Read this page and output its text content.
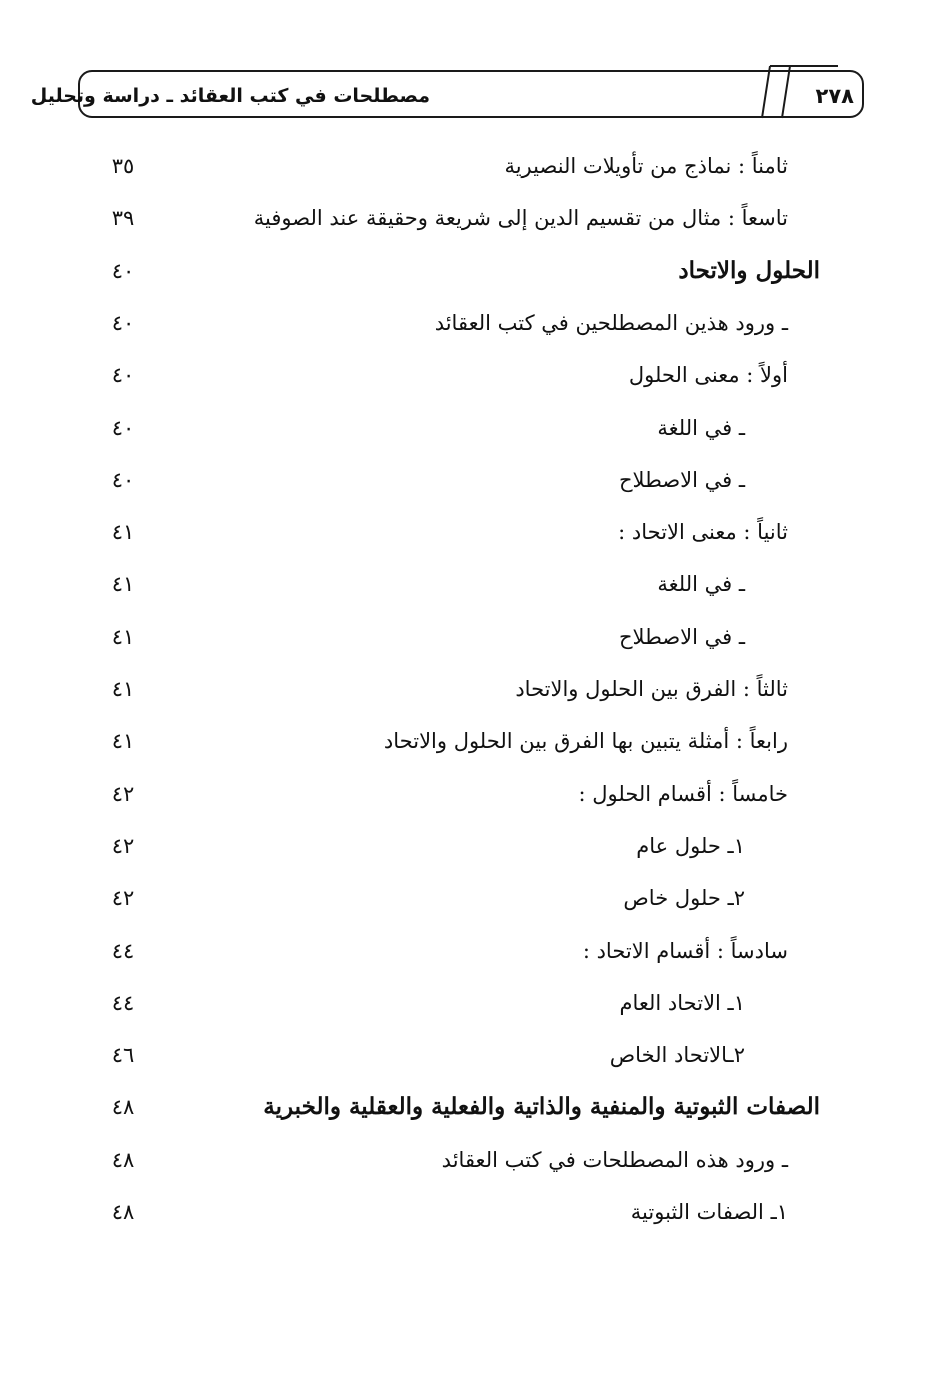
٢٧٨
مصطلحات في كتب العقائد ـ دراسة وتحليل
ثامناً : نماذج من تأويلات النصيرية
٣٥
تاسعاً : مثال من تقسيم الدين إلى شريعة وحقيقة عند الصوفية
٣٩
الحلول والاتحاد
٤٠
ـ ورود هذين المصطلحين في كتب العقائد
٤٠
أولاً : معنى الحلول
٤٠
ـ في اللغة
٤٠
ـ في الاصطلاح
٤٠
ثانياً : معنى الاتحاد :
٤١
ـ في اللغة
٤١
ـ في الاصطلاح
٤١
ثالثاً : الفرق بين الحلول والاتحاد
٤١
رابعاً : أمثلة يتبين بها الفرق بين الحلول والاتحاد
٤١
خامساً : أقسام الحلول :
٤٢
١ـ حلول عام
٤٢
٢ـ حلول خاص
٤٢
سادساً : أقسام الاتحاد :
٤٤
١ـ الاتحاد العام
٤٤
٢ـالاتحاد الخاص
٤٦
الصفات الثبوتية والمنفية والذاتية والفعلية والعقلية والخبرية
٤٨
ـ ورود هذه المصطلحات في كتب العقائد
٤٨
١ـ الصفات الثبوتية
٤٨
